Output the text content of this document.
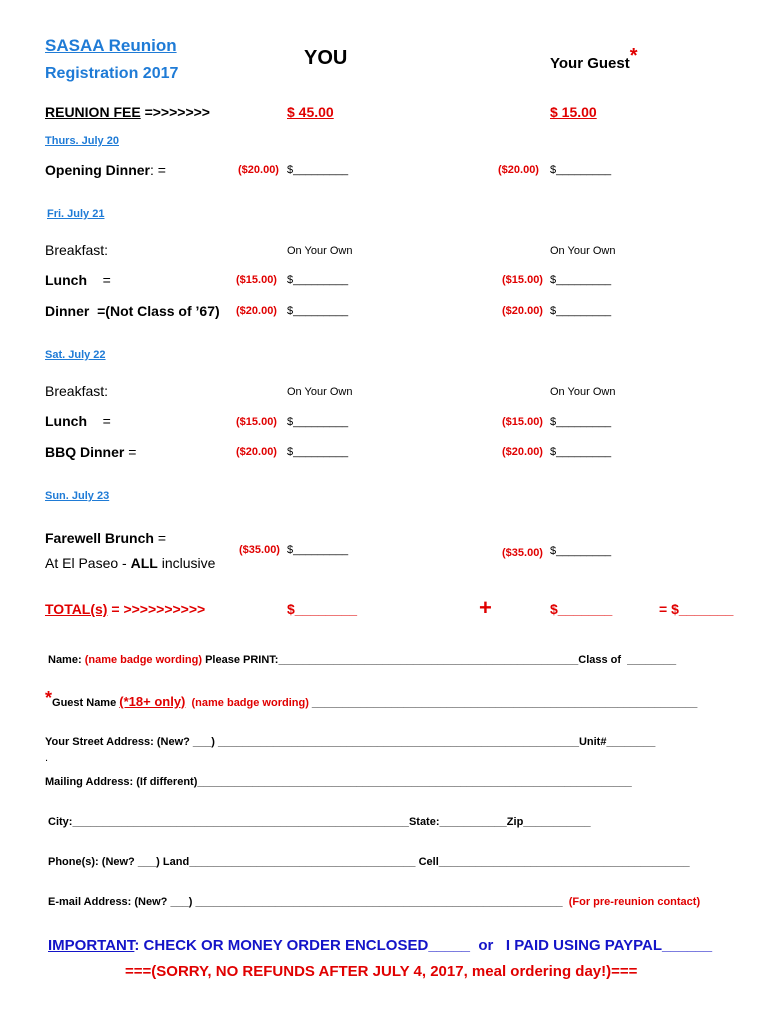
SASAA Reunion
Registration 2017
YOU	Your Guest*
REUNION FEE =>>>>>>>	$ 45.00	$ 15.00
Thurs. July 20
Opening Dinner: =	($20.00) $_________	($20.00) $_________
Fri. July 21
Breakfast:	On Your Own	On Your Own
Lunch =	($15.00) $_________	($15.00) $_________
Dinner =(Not Class of ’67) ($20.00) $_________	($20.00) $_________
Sat. July 22
Breakfast:	On Your Own	On Your Own
Lunch =	($15.00) $_________	($15.00) $_________
BBQ Dinner =	($20.00) $_________	($20.00) $_________
Sun. July 23
Farewell Brunch =
At El Paseo - ALL inclusive
($35.00) $_________	($35.00) $_________
TOTAL(s) = >>>>>>>>>>	$________	+	$_______	= $_______
Name: (name badge wording) Please PRINT:_________________________________________________Class of ________
*Guest Name (*18+ only) (name badge wording) _______________________________________________________________
Your Street Address: (New? ___) ___________________________________________________________Unit#________
.
Mailing Address: (If different)_______________________________________________________________________
City:_______________________________________________________State:___________Zip___________
Phone(s): (New? ___) Land_____________________________________ Cell_________________________________________
E-mail Address: (New? ___) ____________________________________________________________ (For pre-reunion contact)
IMPORTANT: CHECK OR MONEY ORDER ENCLOSED_____ or I PAID USING PAYPAL______
===(SORRY, NO REFUNDS AFTER JULY 4, 2017, meal ordering day!)===
